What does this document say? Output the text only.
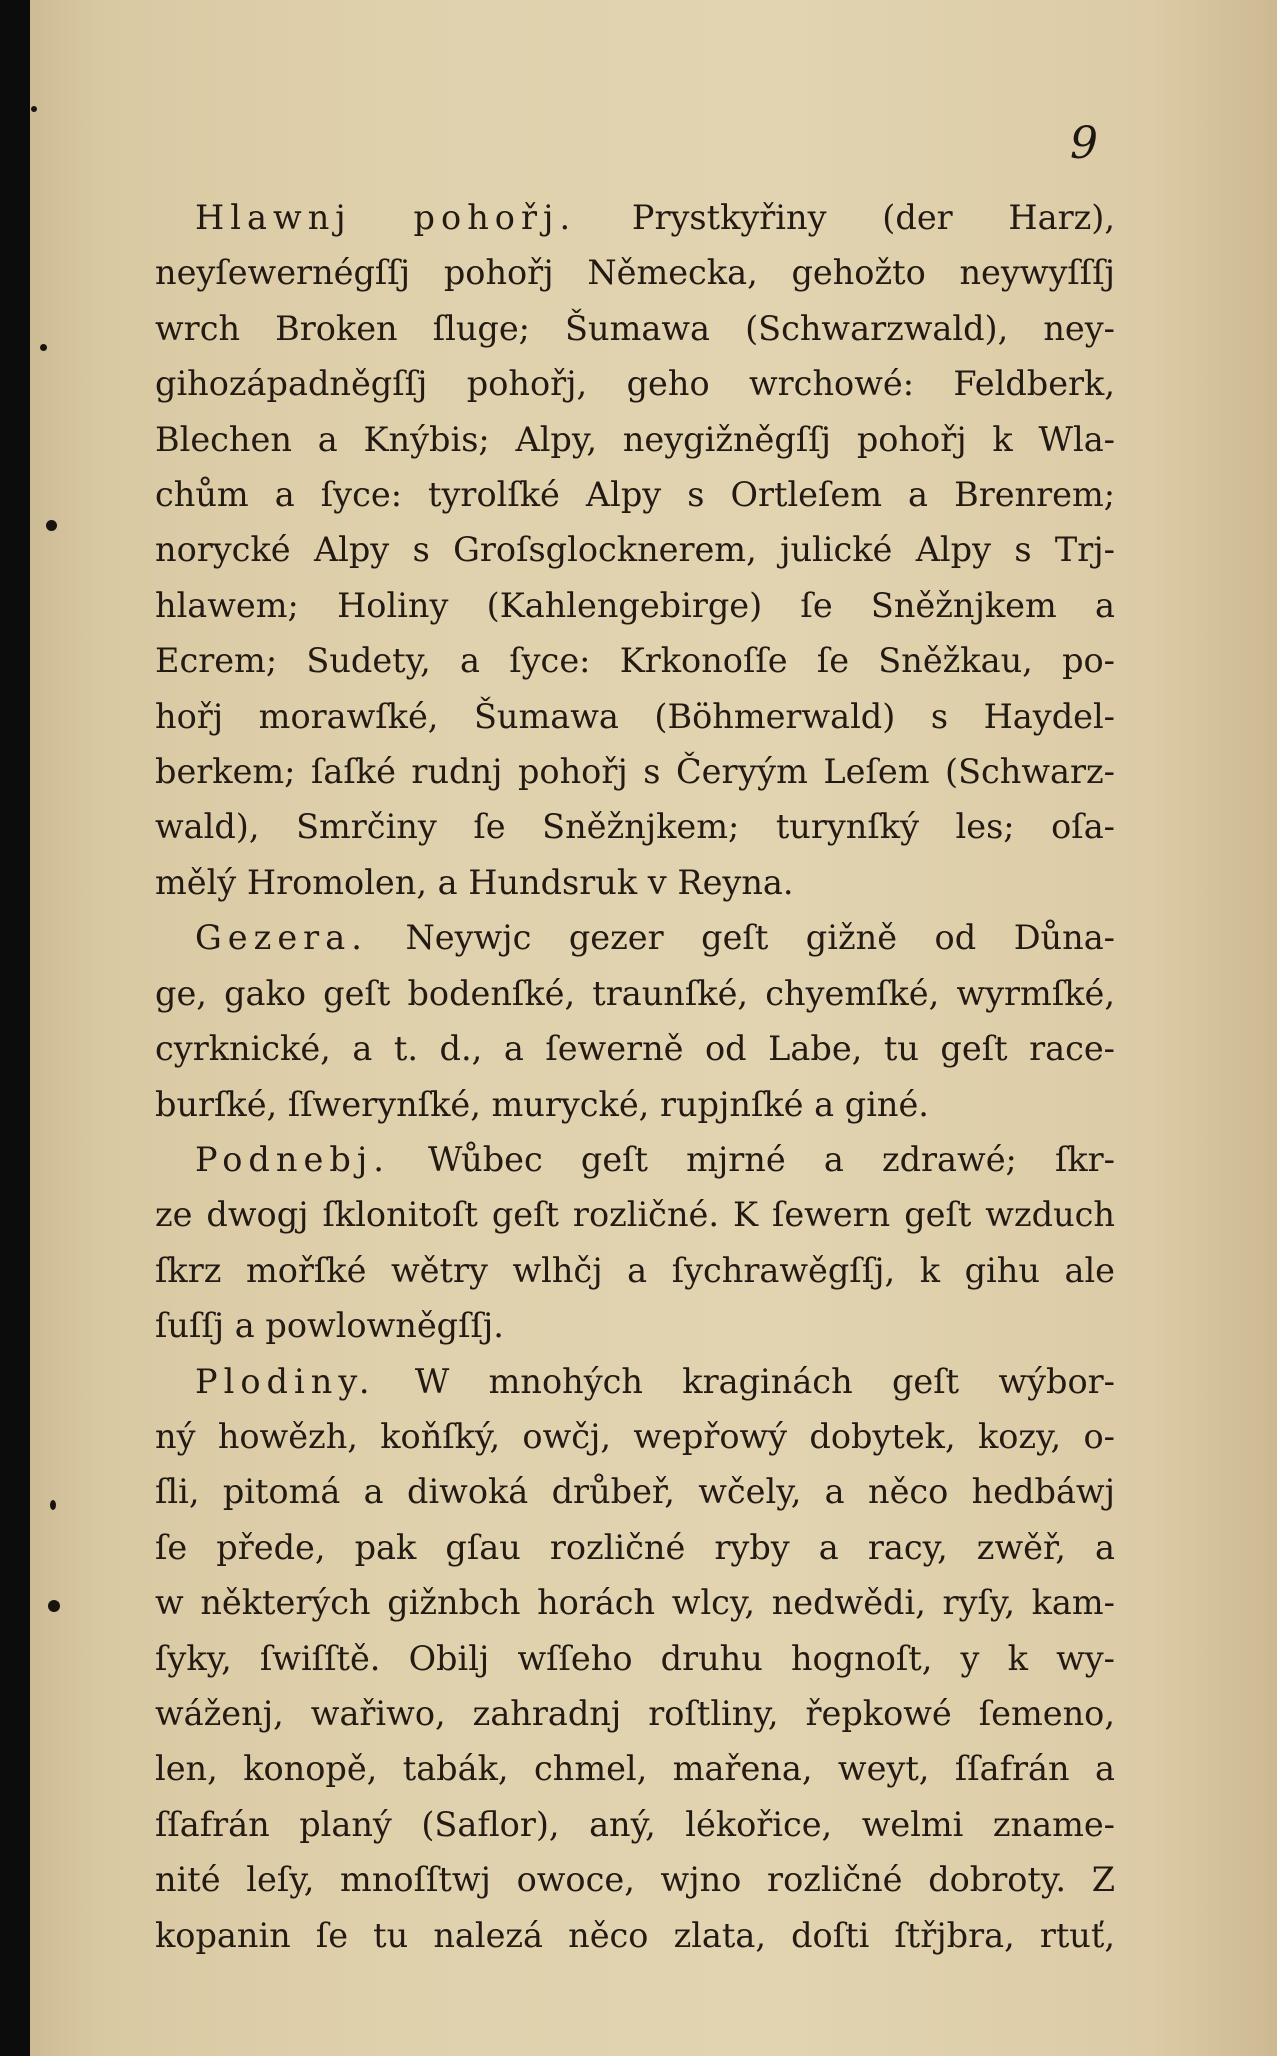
9
Hlawnj pohořj. Prystkyřiny (der Harz),
neyſewernégſſj pohořj Německa, gehožto neywyſſſj
wrch Broken ſluge; Šumawa (Schwarzwald), ney-
gihozápadněgſſj pohořj, geho wrchowé: Feldberk,
Blechen a Knýbis; Alpy, neygižněgſſj pohořj k Wla-
chům a ſyce: tyrolſké Alpy s Ortleſem a Brenrem;
norycké Alpy s Groſsglocknerem, julické Alpy s Trj-
hlawem; Holiny (Kahlengebirge) ſe Sněžnjkem a
Ecrem; Sudety, a ſyce: Krkonoſſe ſe Sněžkau, po-
hořj morawſké, Šumawa (Böhmerwald) s Haydel-
berkem; ſaſké rudnj pohořj s Čerуým Leſem (Schwarz-
wald), Smrčiny ſe Sněžnjkem; turynſký les; oſa-
mělý Hromolen, a Hundsruk v Reyna.
Gezera. Neywjc gezer geſt gižně od Důna-
ge, gako geſt bodenſké, traunſké, chyemſké, wyrmſké,
cyrknické, a t. d., a ſewerně od Labe, tu geſt race-
burſké, ſſwerynſké, murycké, rupjnſké a giné.
Podnebj. Wůbec geſt mjrné a zdrawé; ſkr-
ze dwogj ſklonitoſt geſt rozličné. K ſewern geſt wzduch
ſkrz mořſké wětry wlhčj a ſychrawěgſſj, k gihu ale
ſuſſj a powlowněgſſj.
Plodiny. W mnohých kraginách geſt wýbor-
ný howězh, koňſký, owčj, wepřowý dobytek, kozy, o-
ſli, pitomá a diwoká drůbeř, wčely, a něco hedbáwj
ſe přede, pak gſau rozličné ryby a racy, zwěř, a
w některých gižnbch horách wlcy, nedwědi, ryſy, kam-
ſyky, ſwiſſtě. Obilj wſſeho druhu hognoſt, y k wy-
wáženj, wařiwo, zahradnj roſtliny, řepkowé ſemeno,
len, konopě, tabák, chmel, mařena, weyt, ſſafrán a
ſſafrán planý (Saflor), aný, lékořice, welmi znamе-
nité leſy, mnoſſtwj owoce, wjno rozličné dobroty. Z
kopanin ſe tu nalezá něco zlata, doſti ſtřjbra, rtuť,
